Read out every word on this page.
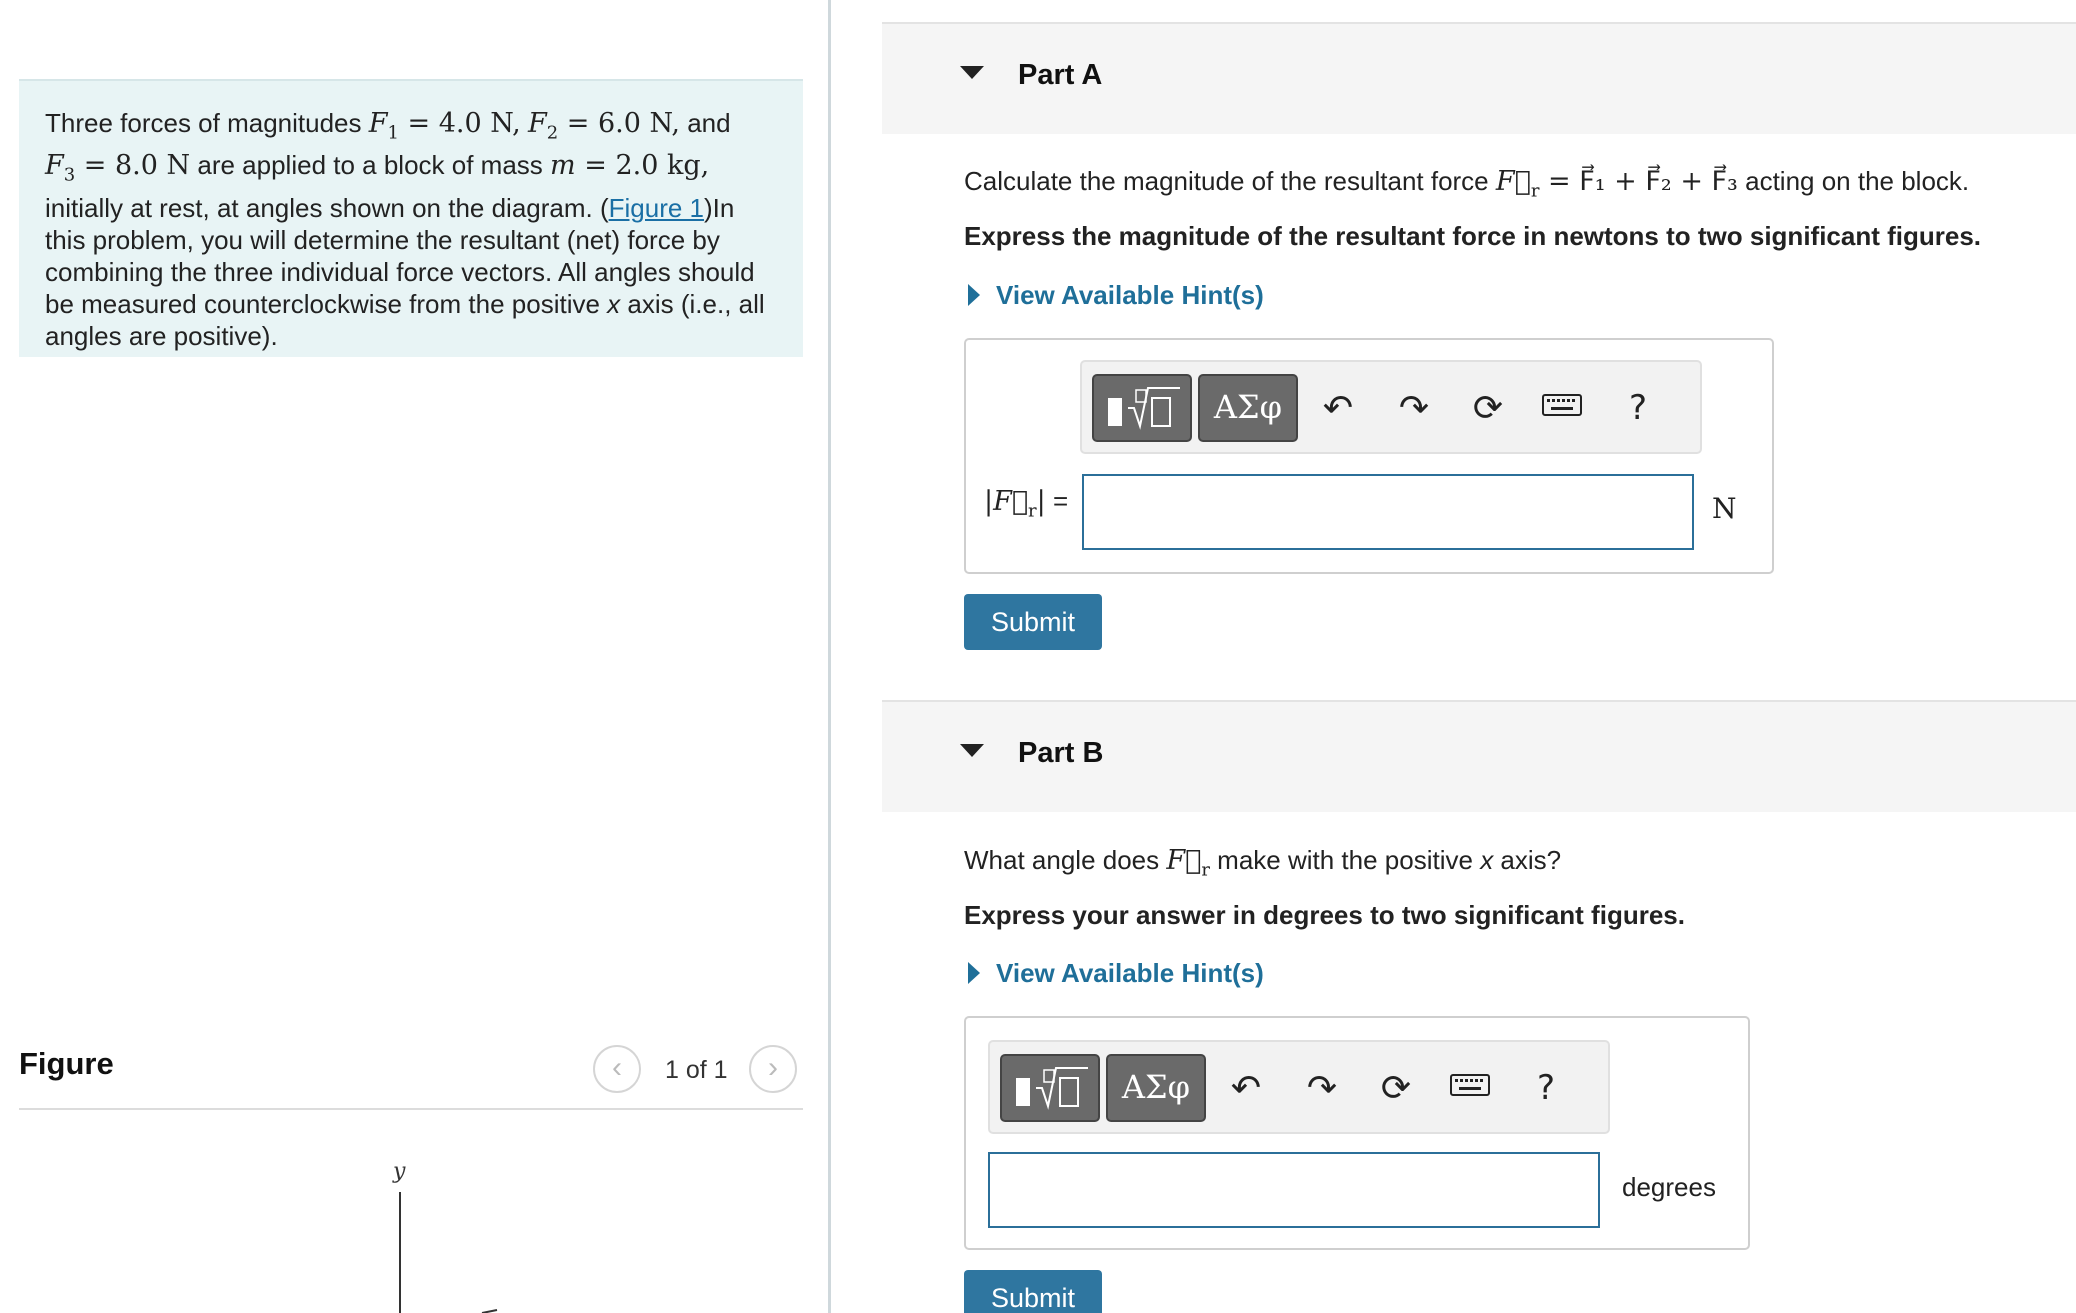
Three forces of magnitudes $F_1 = 4.0$ N, $F_2 = 6.0$ N, and
$F_3 = 8.0$ N are applied to a block of mass m = 2.0 kg,
initially at rest, at angles shown on the diagram. (Figure 1)In
this problem, you will determine the resultant (net) force by
combining the three individual force vectors. All angles should
be measured counterclockwise from the positive x axis (i.e., all
angles are positive).
Figure	‹	1 of 1	›
y
Part A
Calculate the magnitude of the resultant force $F⃗_r$ = F⃗₁ + F⃗₂ + F⃗₃ acting on the block.
Express the magnitude of the resultant force in newtons to two significant figures.
View Available Hint(s)
ΑΣφ	↶ ↷ ⟳	?
$|F⃗_r|$ =	N
Submit
Part B
What angle does $F⃗_r$ make with the positive x axis?
Express your answer in degrees to two significant figures.
View Available Hint(s)
ΑΣφ	↶ ↷ ⟳	?
degrees
Submit
